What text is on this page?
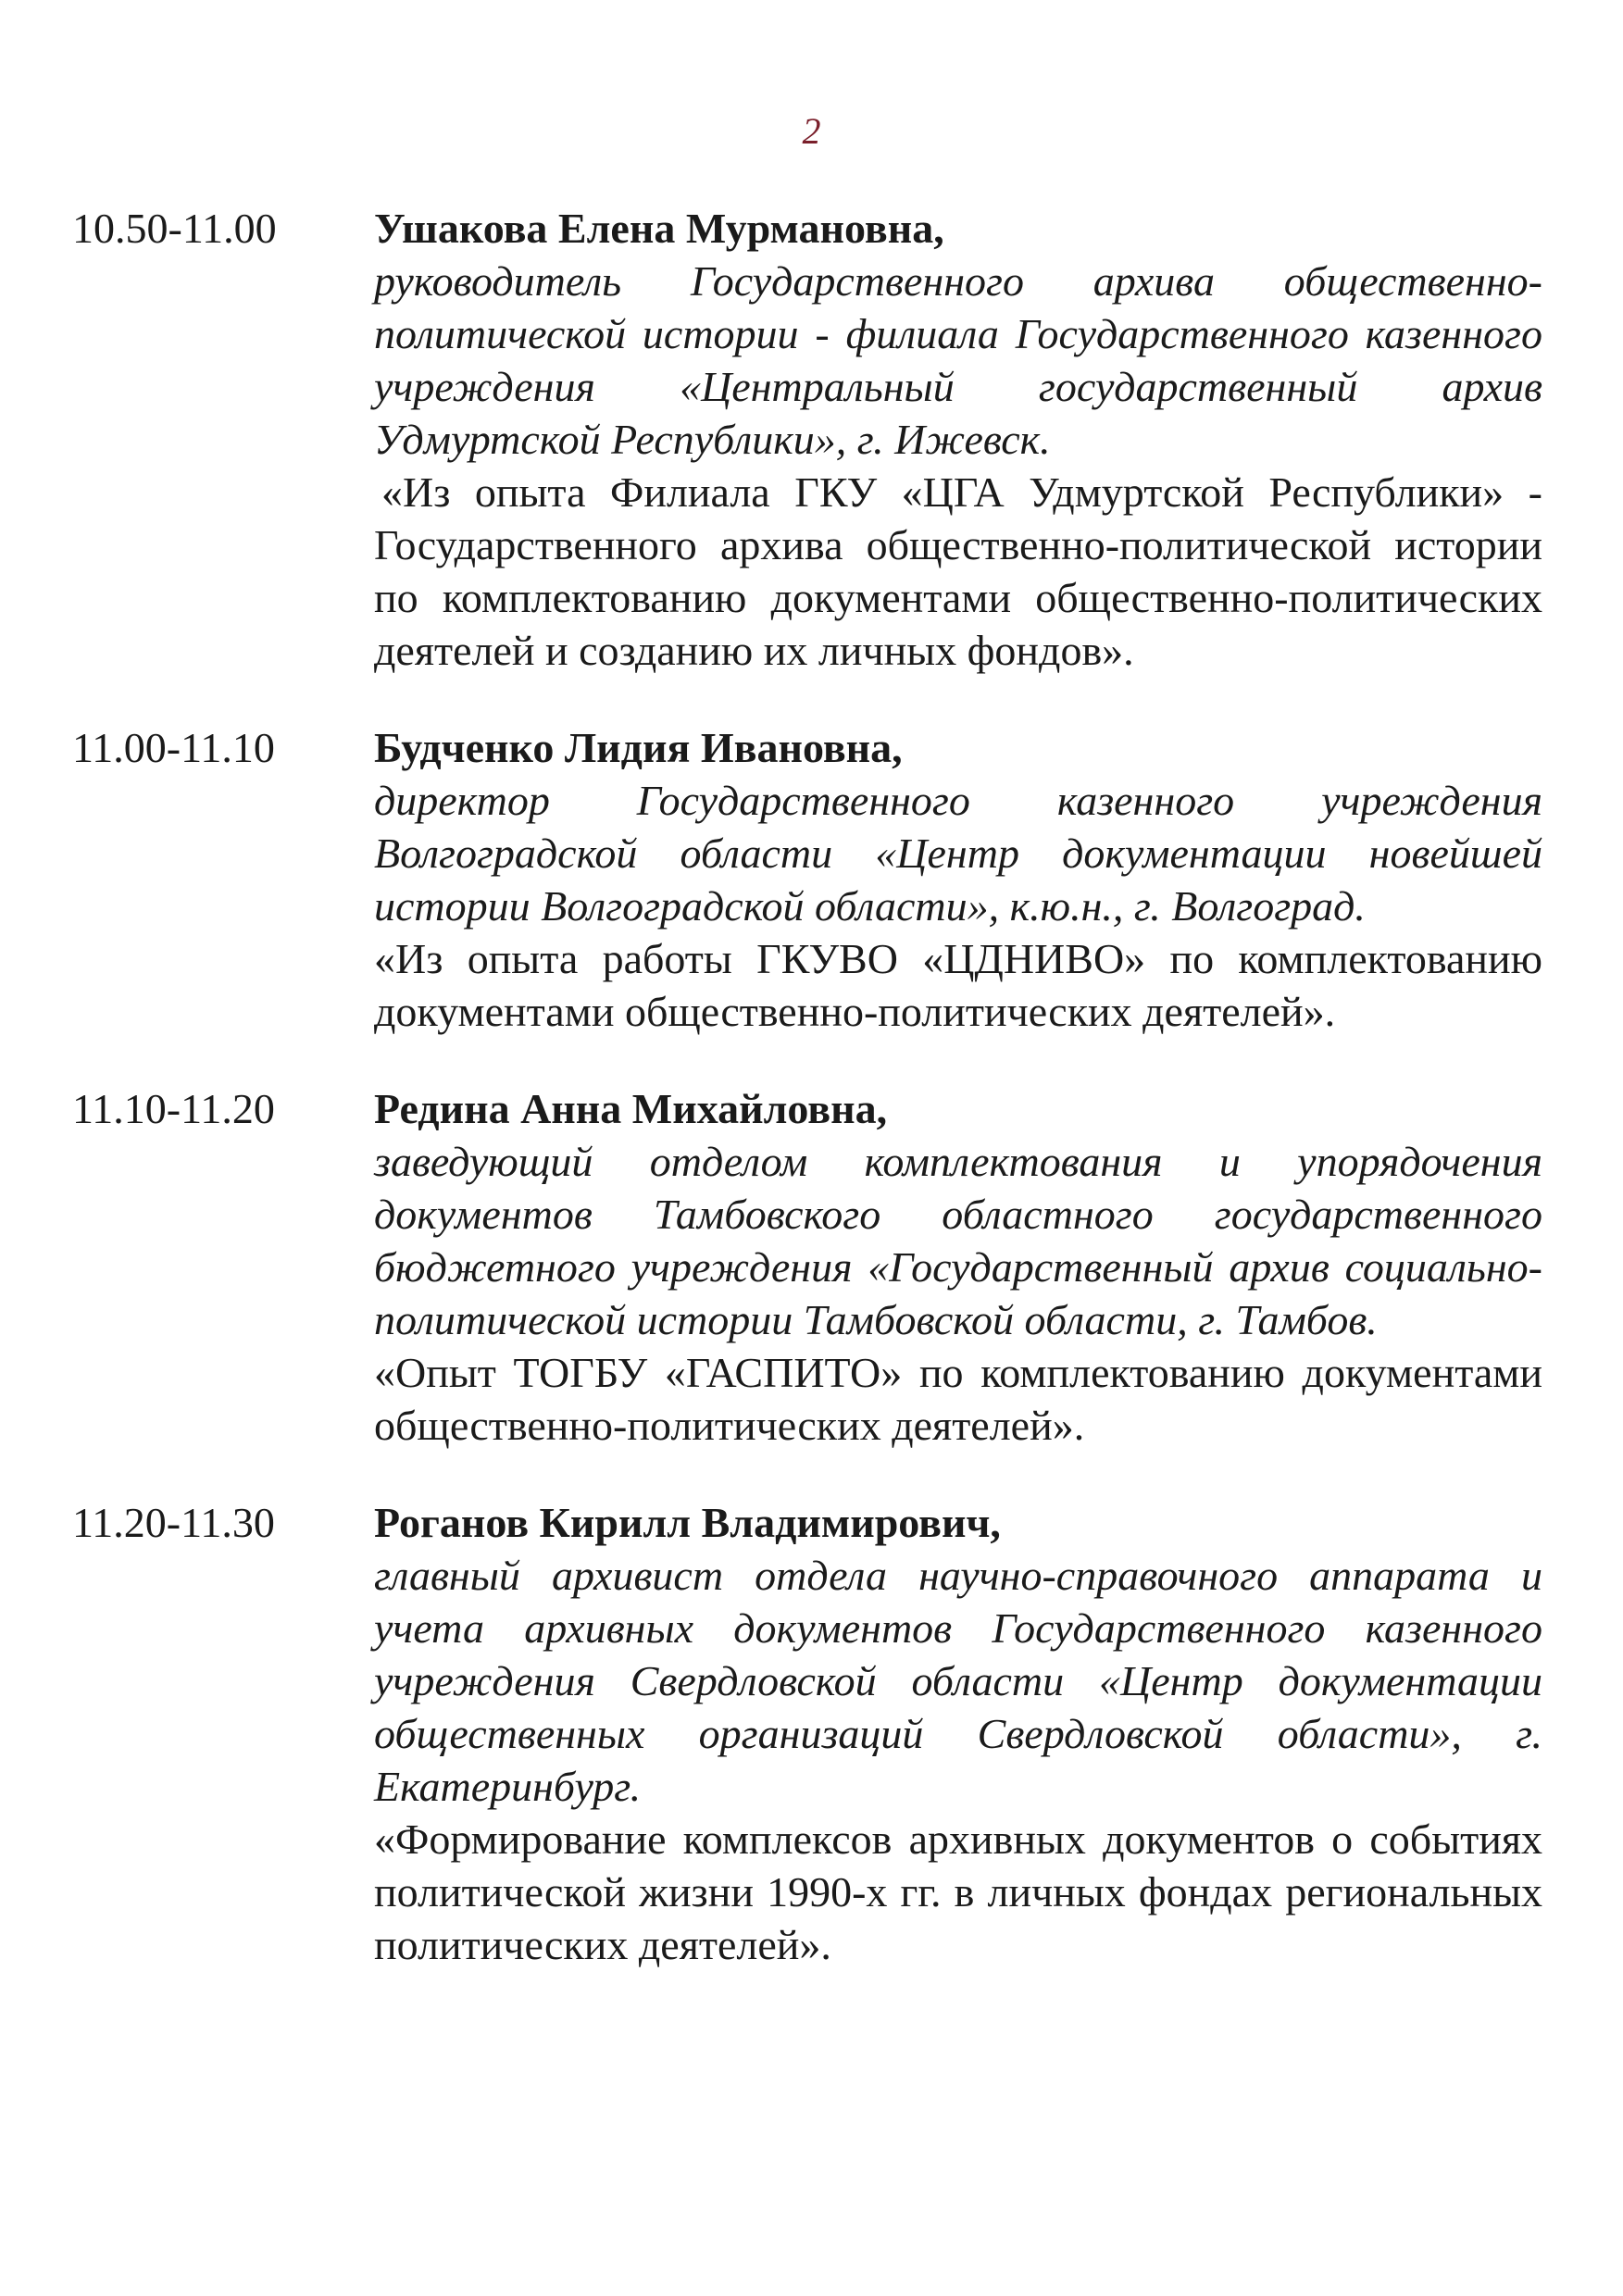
2
10.50-11.00	Ушакова Елена Мурмановна,
руководитель Государственного архива общественно-политической истории - филиала Государственного казенного учреждения «Центральный государственный архив Удмуртской Республики», г. Ижевск.
«Из опыта Филиала ГКУ «ЦГА Удмуртской Республики» - Государственного архива общественно-политической истории по комплектованию документами общественно-политических деятелей и созданию их личных фондов».
11.00-11.10	Будченко Лидия Ивановна,
директор Государственного казенного учреждения Волгоградской области «Центр документации новейшей истории Волгоградской области», к.ю.н., г. Волгоград.
«Из опыта работы ГКУВО «ЦДНИВО» по комплектованию документами общественно-политических деятелей».
11.10-11.20	Редина Анна Михайловна,
заведующий отделом комплектования и упорядочения документов Тамбовского областного государственного бюджетного учреждения «Государственный архив социально-политической истории Тамбовской области, г. Тамбов.
«Опыт ТОГБУ «ГАСПИТО» по комплектованию документами общественно-политических деятелей».
11.20-11.30	Роганов Кирилл Владимирович,
главный архивист отдела научно-справочного аппарата и учета архивных документов Государственного казенного учреждения Свердловской области «Центр документации общественных организаций Свердловской области», г. Екатеринбург.
«Формирование комплексов архивных документов о событиях политической жизни 1990-х гг. в личных фондах региональных политических деятелей».
